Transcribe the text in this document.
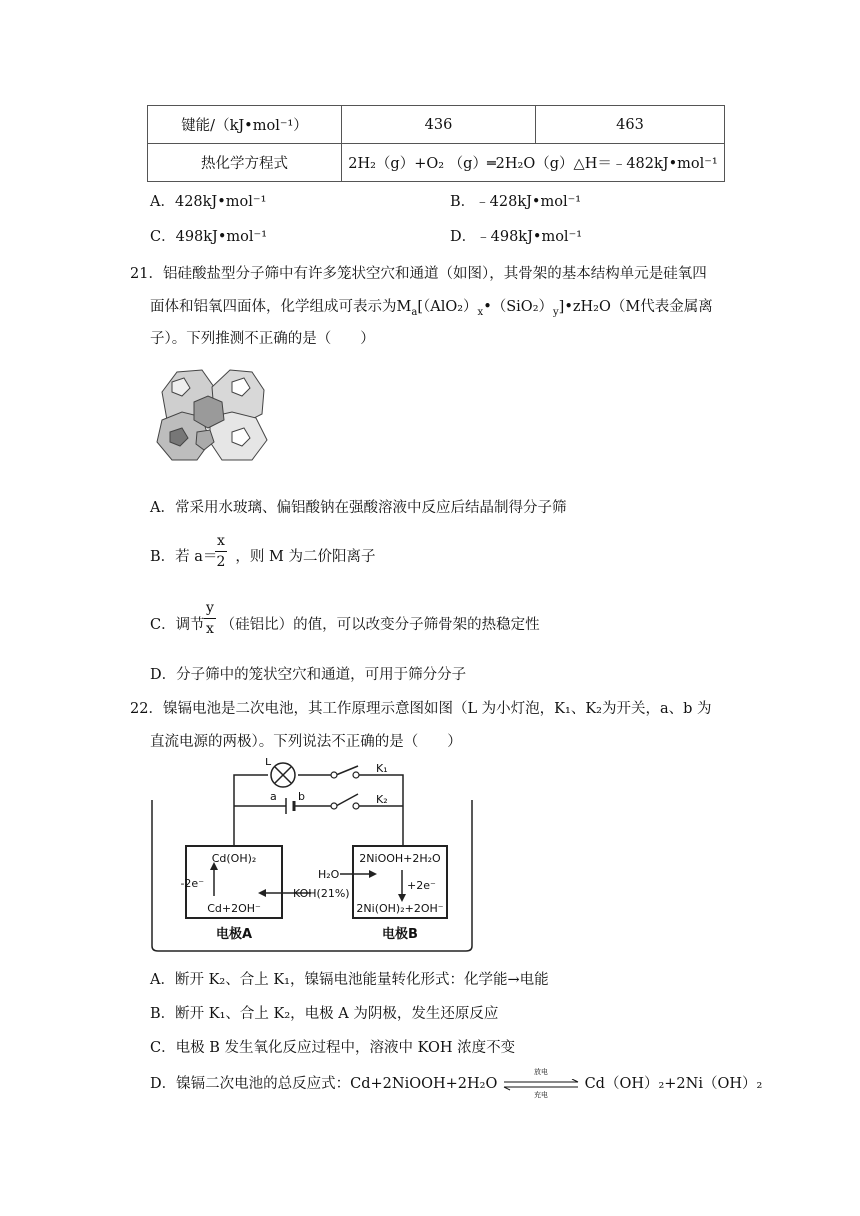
键能/（kJ•mol⁻¹）	436	463
热化学方程式	2H₂（g）+O₂ （g）═2H₂O（g）△H＝﹣482kJ•mol⁻¹	
A．428kJ•mol⁻¹	B．﹣428kJ•mol⁻¹
C．498kJ•mol⁻¹	D．﹣498kJ•mol⁻¹
21．铝硅酸盐型分子筛中有许多笼状空穴和通道（如图），其骨架的基本结构单元是硅氧四
面体和铝氧四面体，化学组成可表示为$M_a[(AlO_2)_x•(SiO_2)_y]•zH_2O(M$代表金属离
子）。下列推测不正确的是（　　）
A．常采用水玻璃、偏铝酸钠在强酸溶液中反应后结晶制得分子筛
B．若 a＝ ，则 M 为二价阳离子
x
2
C．调节 （硅铝比）的值，可以改变分子筛骨架的热稳定性
y
x
D．分子筛中的笼状空穴和通道，可用于筛分分子
22．镍镉电池是二次电池，其工作原理示意图如图（L 为小灯泡，K₁、K₂为开关，a、b 为
直流电源的两极）。下列说法不正确的是（　　）
L
K₁
K₂
a b
Cd(OH)₂
-2e⁻
Cd+2OH⁻
2NiOOH+2H₂O
+2e⁻
2Ni(OH)₂+2OH⁻
H₂O
KOH(21%)
电极A	电极B
A．断开 K₂、合上 K₁，镍镉电池能量转化形式：化学能→电能
B．断开 K₁、合上 K₂，电极 A 为阴极，发生还原反应
C．电极 B 发生氧化反应过程中，溶液中 KOH 浓度不变
D．镍镉二次电池的总反应式：Cd+2NiOOH+2H₂O
放电
充电
Cd（OH）₂+2Ni（OH）₂
